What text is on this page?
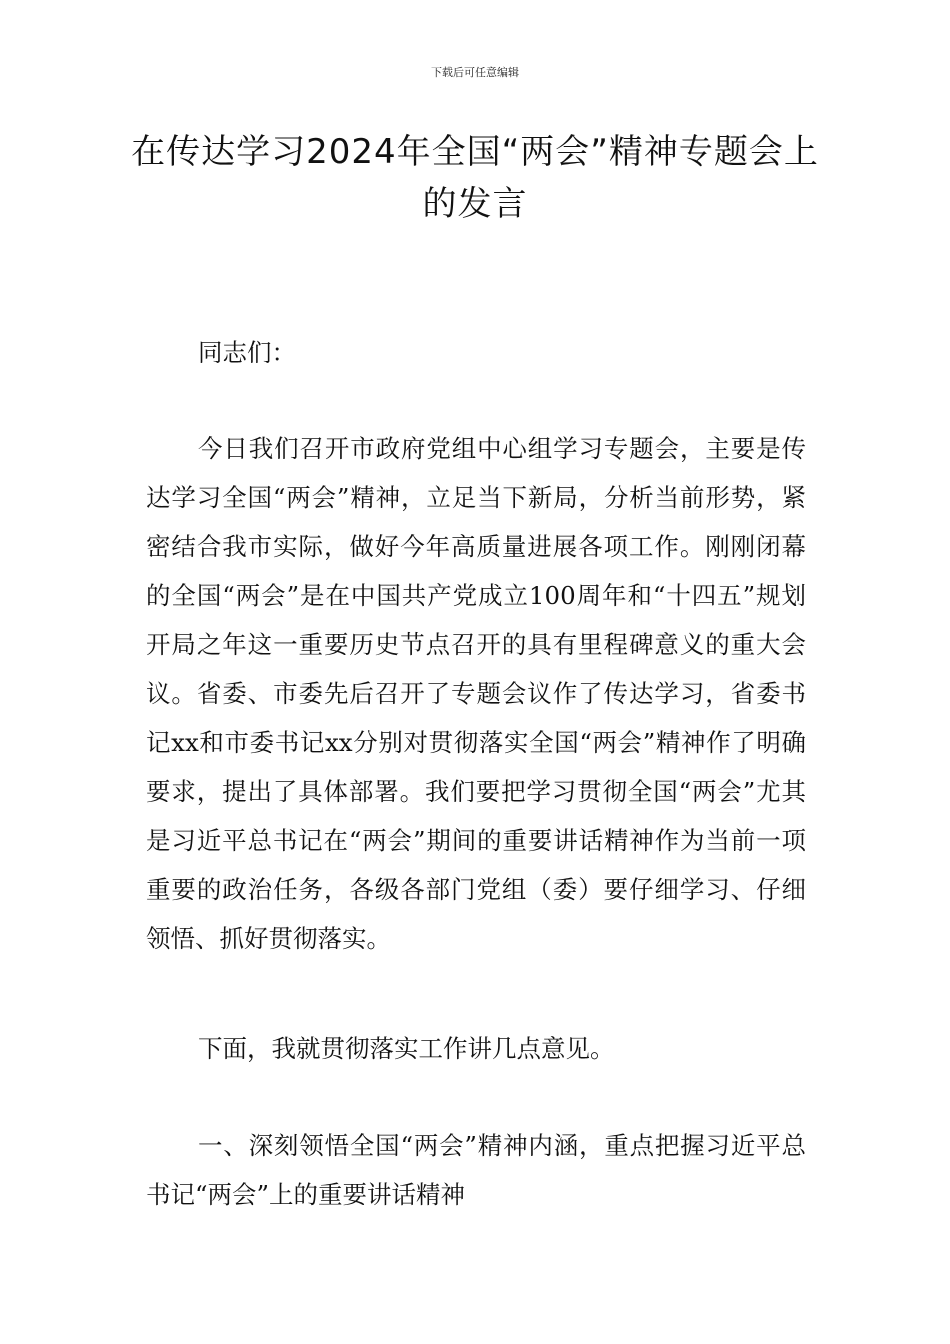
下载后可任意编辑
在传达学习2024年全国“两会”精神专题会上的发言

同志们：

今日我们召开市政府党组中心组学习专题会，主要是传达学习全国“两会”精神，立足当下新局，分析当前形势，紧密结合我市实际，做好今年高质量进展各项工作。刚刚闭幕的全国“两会”是在中国共产党成立100周年和“十四五”规划开局之年这一重要历史节点召开的具有里程碑意义的重大会议。省委、市委先后召开了专题会议作了传达学习，省委书记xx和市委书记xx分别对贯彻落实全国“两会”精神作了明确要求，提出了具体部署。我们要把学习贯彻全国“两会”尤其是习近平总书记在“两会”期间的重要讲话精神作为当前一项重要的政治任务，各级各部门党组（委）要仔细学习、仔细领悟、抓好贯彻落实。

下面，我就贯彻落实工作讲几点意见。

一、深刻领悟全国“两会”精神内涵，重点把握习近平总书记“两会”上的重要讲话精神
